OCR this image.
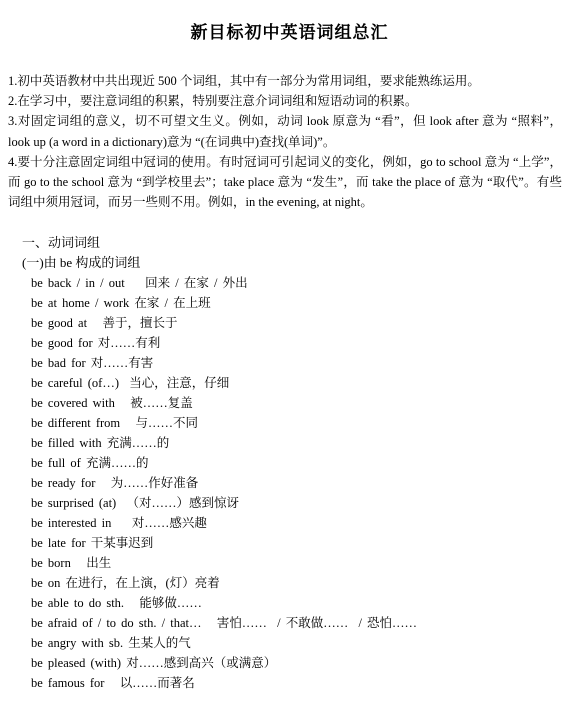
新目标初中英语词组总汇

1.初中英语教材中共出现近 500 个词组，其中有一部分为常用词组，要求能熟练运用。

2.在学习中，要注意词组的积累，特别要注意介词词组和短语动词的积累。

3.对固定词组的意义，切不可望文生义。例如，动词 look 原意为 “看”，但 look after 意为 “照料”，look up (a word in a dictionary)意为 “(在词典中)查找(单词)”。

4.要十分注意固定词组中冠词的使用。有时冠词可引起词义的变化，例如，go to school 意为 “上学”，而 go to the school 意为 “到学校里去”；take place 意为 “发生”，而 take the place of 意为 “取代”。有些词组中须用冠词，而另一些则不用。例如，in the evening, at night。

一、动词词组
(一)由 be 构成的词组
be back / in / out    回来 / 在家 / 外出
be at home / work 在家 / 在上班
be good at   善于，擅长于
be good for 对……有利
be bad for 对……有害
be careful (of…)  当心，注意，仔细
be covered with   被……复盖
be different from   与……不同
be filled with 充满……的
be full of 充满……的
be ready for   为……作好准备
be surprised (at)  （对……）感到惊讶
be interested in    对……感兴趣
be late for 干某事迟到
be born   出生
be on 在进行，在上演，(灯）亮着
be able to do sth.   能够做……
be afraid of / to do sth. / that…   害怕……  / 不敢做……  / 恐怕……
be angry with sb. 生某人的气
be pleased (with) 对……感到高兴（或满意）
be famous for   以……而著名
